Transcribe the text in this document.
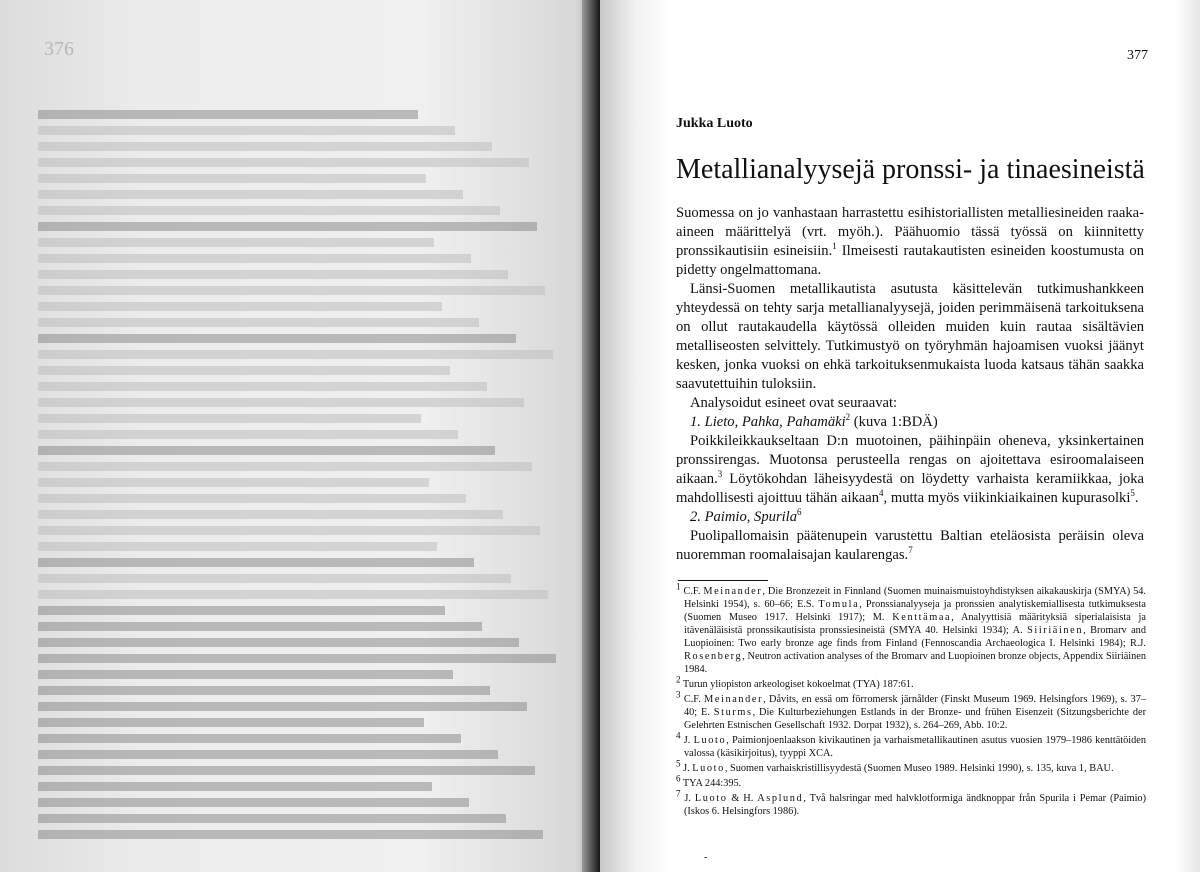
376	377
Jukka Luoto
Metallianalyysejä pronssi- ja tinaesineistä

Suomessa on jo vanhastaan harrastettu esihistoriallisten metalliesineiden raaka-aineen määrittelyä (vrt. myöh.). Päähuomio tässä työssä on kiinnitetty pronssikautisiin esineisiin.$^1$ Ilmeisesti rautakautisten esineiden koostumusta on pidetty ongelmattomana.

Länsi-Suomen metallikautista asutusta käsittelevän tutkimushankkeen yhteydessä on tehty sarja metallianalyysejä, joiden perimmäisenä tarkoituksena on ollut rautakaudella käytössä olleiden muiden kuin rautaa sisältävien metalliseosten selvittely. Tutkimustyö on työryhmän hajoamisen vuoksi jäänyt kesken, jonka vuoksi on ehkä tarkoituksenmukaista luoda katsaus tähän saakka saavutettuihin tuloksiin.

Analysoidut esineet ovat seuraavat:

1. Lieto, Pahka, Pahamäki$^2$ (kuva 1:BDÄ)

Poikkileikkaukseltaan D:n muotoinen, päihinpäin oheneva, yksinkertainen pronssirengas. Muotonsa perusteella rengas on ajoitettava esiroomalaiseen aikaan.$^3$ Löytökohdan läheisyydestä on löydetty varhaista keramiikkaa, joka mahdollisesti ajoittuu tähän aikaan$^4$, mutta myös viikinkiaikainen kupurasolki$^5$.

2. Paimio, Spurila$^6$

Puolipallomaisin päätenupein varustettu Baltian eteläosista peräisin oleva nuoremman roomalaisajan kaularengas.$^7$

$^1$ C.F. Meinander, Die Bronzezeit in Finnland (Suomen muinaismuistoyhdistyksen aikakauskirja (SMYA) 54. Helsinki 1954), s. 60–66; E.S. Tomula, Pronssianalyyseja ja pronssien analytiskemiallisesta tutkimuksesta (Suomen Museo 1917. Helsinki 1917); M. Kenttämaa, Analyyttisiä määrityksiä siperialaisista ja itävenäläisistä pronssikautisista pronssiesineistä (SMYA 40. Helsinki 1934); A. Siiriäinen, Bromarv and Luopioinen: Two early bronze age finds from Finland (Fennoscandia Archaeologica I. Helsinki 1984); R.J. Rosenberg, Neutron activation analyses of the Bromarv and Luopioinen bronze objects, Appendix Siiriäinen 1984.

$^2$ Turun yliopiston arkeologiset kokoelmat (TYA) 187:61.

$^3$ C.F. Meinander, Dåvits, en essä om förromersk järnålder (Finskt Museum 1969. Helsingfors 1969), s. 37–40; E. Sturms, Die Kulturbeziehungen Estlands in der Bronze- und frühen Eisenzeit (Sitzungsberichte der Gelehrten Estnischen Gesellschaft 1932. Dorpat 1932), s. 264–269, Abb. 10:2.

$^4$ J. Luoto, Paimionjoenlaakson kivikautinen ja varhaismetallikautinen asutus vuosien 1979–1986 kenttätöiden valossa (käsikirjoitus), tyyppi XCA.

$^5$ J. Luoto, Suomen varhaiskristillisyydestä (Suomen Museo 1989. Helsinki 1990), s. 135, kuva 1, BAU.

$^6$ TYA 244:395.

$^7$ J. Luoto & H. Asplund, Två halsringar med halvklotformiga ändknoppar från Spurila i Pemar (Paimio) (Iskos 6. Helsingfors 1986).

-
